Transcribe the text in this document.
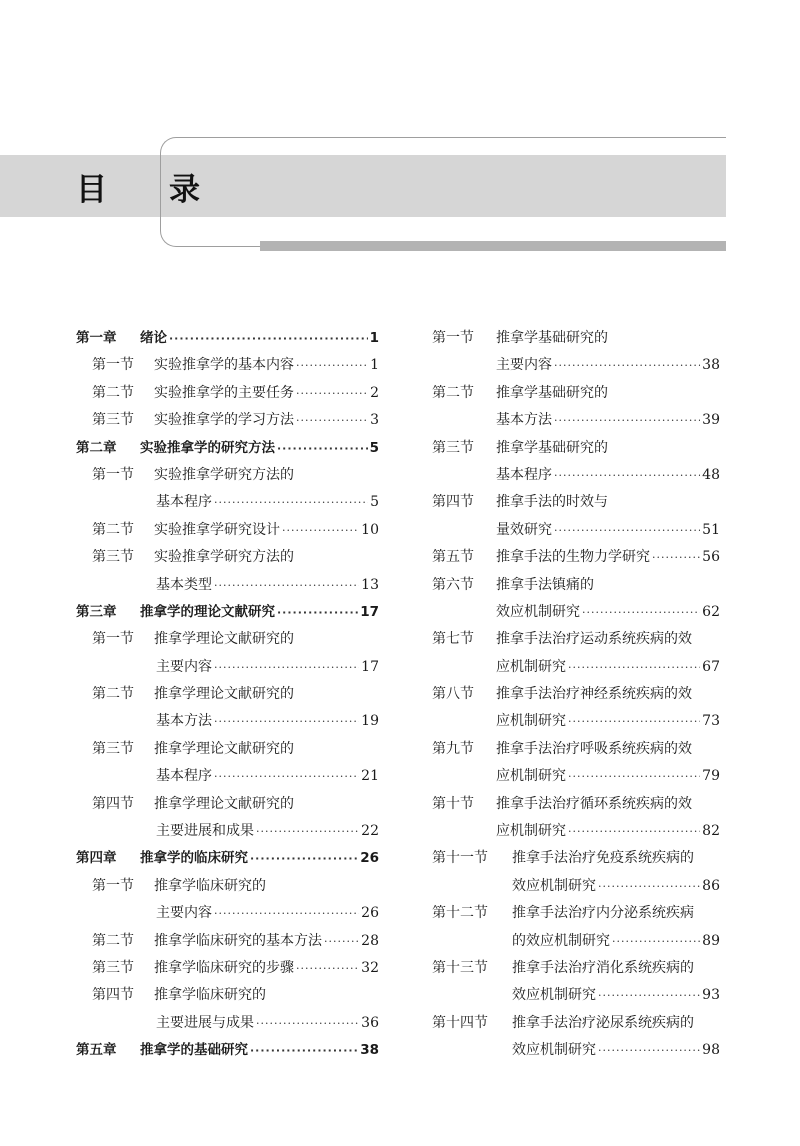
目 录
第一章	绪论 ·····	1
第一节	实验推拿学的基本内容 ·····	1
第二节	实验推拿学的主要任务 ·····	2
第三节	实验推拿学的学习方法 ·····	3
第二章	实验推拿学的研究方法 ·····	5
第一节	实验推拿学研究方法的
基本程序 ·····	5
第二节	实验推拿学研究设计 ·····	10
第三节	实验推拿学研究方法的
基本类型 ·····	13
第三章	推拿学的理论文献研究 ·····	17
第一节	推拿学理论文献研究的
主要内容 ·····	17
第二节	推拿学理论文献研究的
基本方法 ·····	19
第三节	推拿学理论文献研究的
基本程序 ·····	21
第四节	推拿学理论文献研究的
主要进展和成果 ·····	22
第四章	推拿学的临床研究 ·····	26
第一节	推拿学临床研究的
主要内容 ·····	26
第二节	推拿学临床研究的基本方法 ·····	28
第三节	推拿学临床研究的步骤 ·····	32
第四节	推拿学临床研究的
主要进展与成果 ·····	36
第五章	推拿学的基础研究 ·····	38
第一节	推拿学基础研究的
主要内容 ·····	38
第二节	推拿学基础研究的
基本方法 ·····	39
第三节	推拿学基础研究的
基本程序 ·····	48
第四节	推拿手法的时效与
量效研究 ·····	51
第五节	推拿手法的生物力学研究 ·····	56
第六节	推拿手法镇痛的
效应机制研究 ·····	62
第七节	推拿手法治疗运动系统疾病的效
应机制研究 ·····	67
第八节	推拿手法治疗神经系统疾病的效
应机制研究 ·····	73
第九节	推拿手法治疗呼吸系统疾病的效
应机制研究 ·····	79
第十节	推拿手法治疗循环系统疾病的效
应机制研究 ·····	82
第十一节	推拿手法治疗免疫系统疾病的
效应机制研究 ·····	86
第十二节	推拿手法治疗内分泌系统疾病
的效应机制研究 ·····	89
第十三节	推拿手法治疗消化系统疾病的
效应机制研究 ·····	93
第十四节	推拿手法治疗泌尿系统疾病的
效应机制研究 ·····	98
